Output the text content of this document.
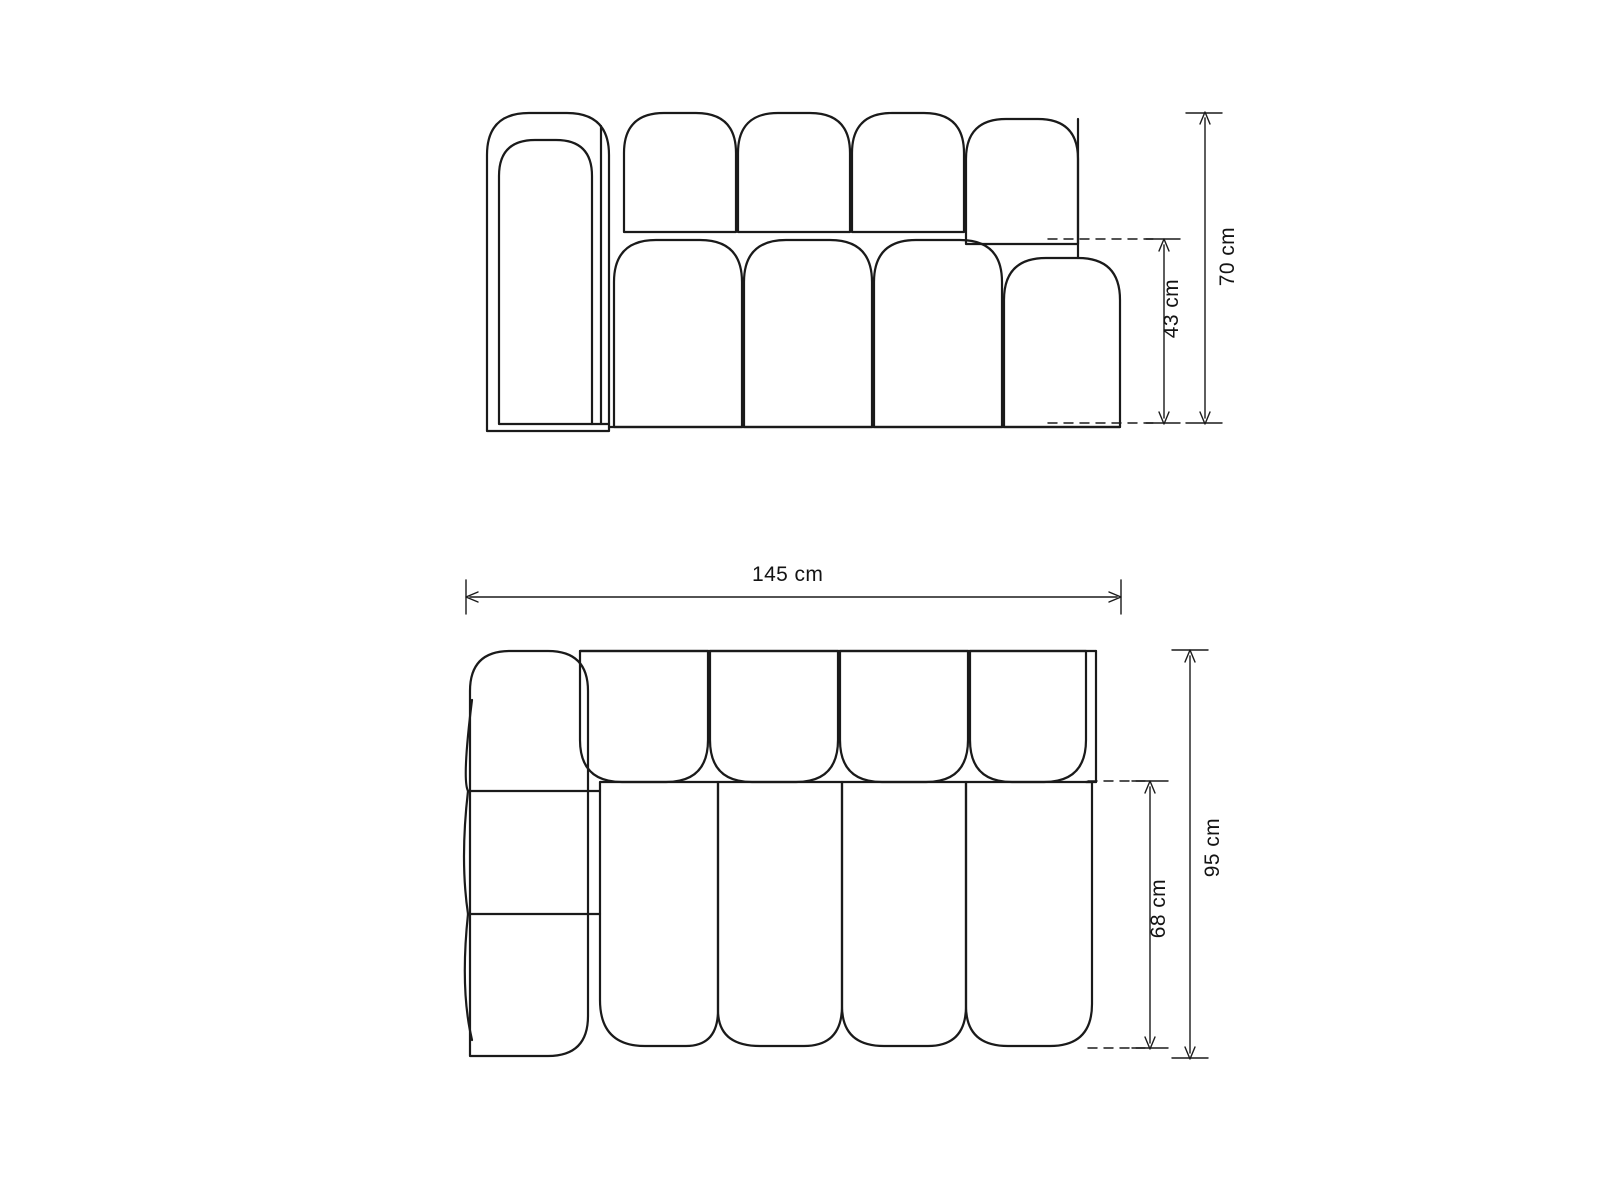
70 cm
43 cm
145 cm
95 cm
68 cm
